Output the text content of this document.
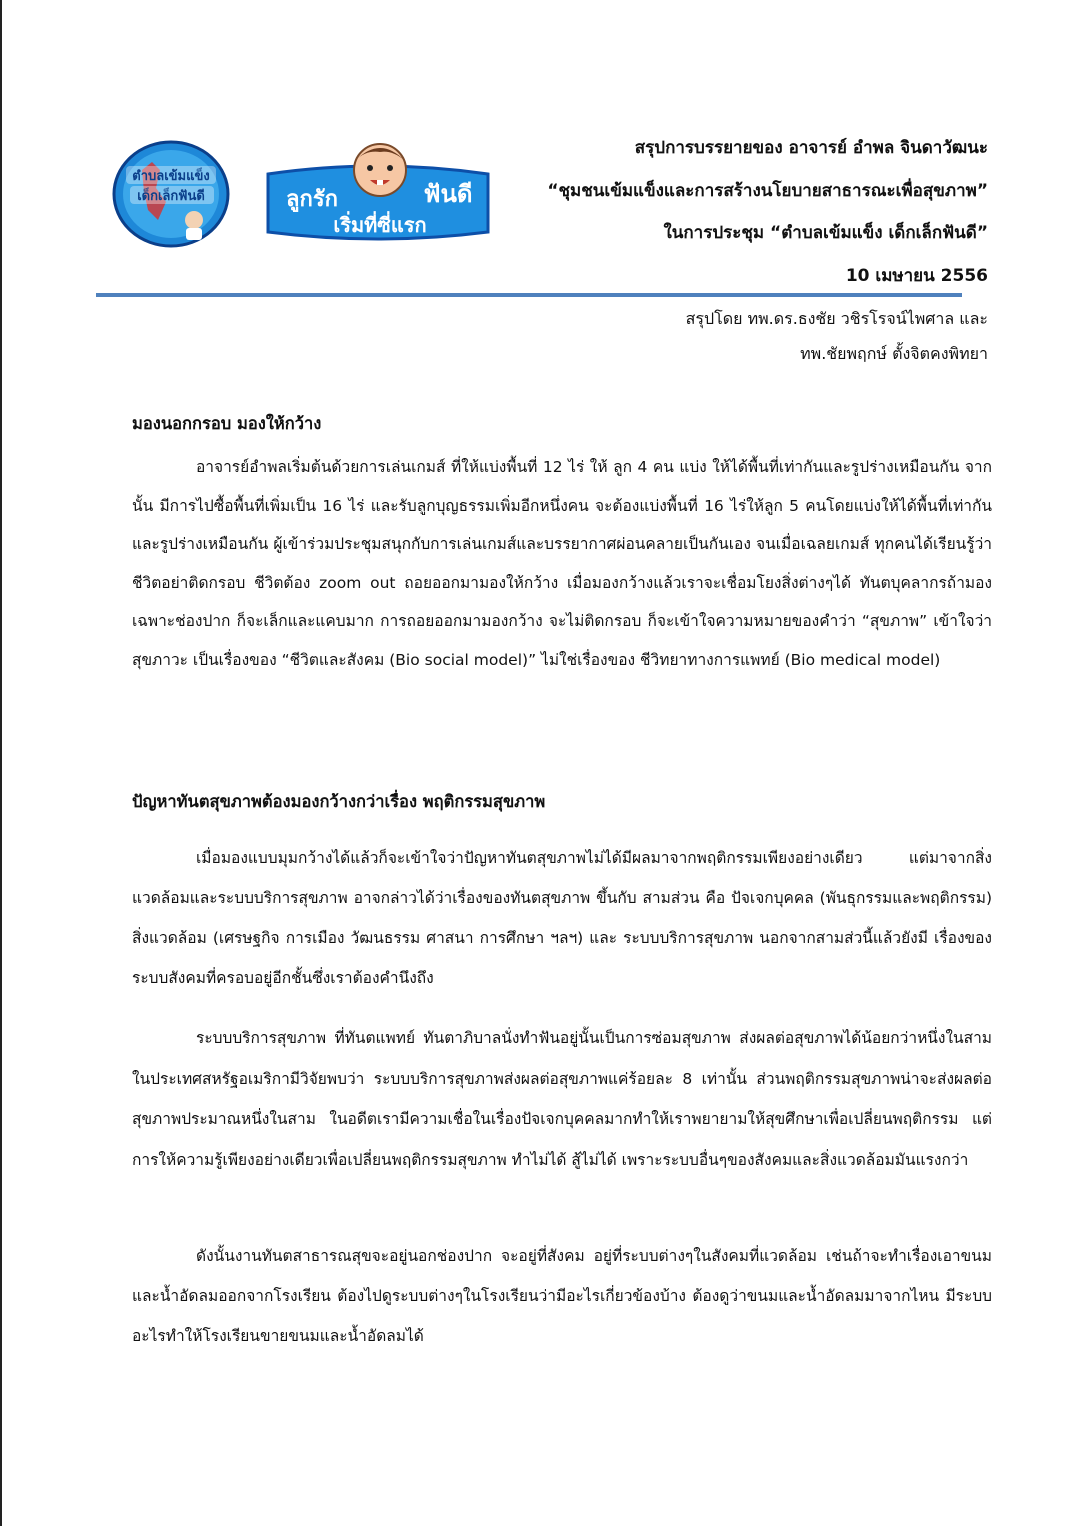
ตำบลเข้มแข็ง
เด็กเล็กฟันดี	ลูกรัก	ฟันดี
เริ่มที่ซี่แรก
สรุปการบรรยายของ อาจารย์ อำพล จินดาวัฒนะ
“ชุมชนเข้มแข็งและการสร้างนโยบายสาธารณะเพื่อสุขภาพ”
ในการประชุม “ตำบลเข้มแข็ง เด็กเล็กฟันดี”
10 เมษายน 2556
สรุปโดย ทพ.ดร.ธงชัย วชิรโรจน์ไพศาล และ
ทพ.ชัยพฤกษ์ ตั้งจิตคงพิทยา
มองนอกกรอบ มองให้กว้าง
อาจารย์อำพลเริ่มต้นด้วยการเล่นเกมส์ ที่ให้แบ่งพื้นที่ 12 ไร่ ให้ ลูก 4 คน แบ่ง ให้ได้พื้นที่เท่ากันและรูปร่างเหมือนกัน จากนั้น มีการไปซื้อพื้นที่เพิ่มเป็น 16 ไร่ และรับลูกบุญธรรมเพิ่มอีกหนึ่งคน จะต้องแบ่งพื้นที่ 16 ไร่ให้ลูก 5 คนโดยแบ่งให้ได้พื้นที่เท่ากันและรูปร่างเหมือนกัน ผู้เข้าร่วมประชุมสนุกกับการเล่นเกมส์และบรรยากาศผ่อนคลายเป็นกันเอง จนเมื่อเฉลยเกมส์ ทุกคนได้เรียนรู้ว่า ชีวิตอย่าติดกรอบ ชีวิตต้อง zoom out ถอยออกมามองให้กว้าง เมื่อมองกว้างแล้วเราจะเชื่อมโยงสิ่งต่างๆได้ ทันตบุคลากรถ้ามองเฉพาะช่องปาก ก็จะเล็กและแคบมาก การถอยออกมามองกว้าง จะไม่ติดกรอบ ก็จะเข้าใจความหมายของคำว่า “สุขภาพ” เข้าใจว่า สุขภาวะ เป็นเรื่องของ “ชีวิตและสังคม (Bio social model)” ไม่ใช่เรื่องของ ชีวิทยาทางการแพทย์ (Bio medical model)
ปัญหาทันตสุขภาพต้องมองกว้างกว่าเรื่อง พฤติกรรมสุขภาพ
เมื่อมองแบบมุมกว้างได้แล้วก็จะเข้าใจว่าปัญหาทันตสุขภาพไม่ได้มีผลมาจากพฤติกรรมเพียงอย่างเดียว แต่มาจากสิ่งแวดล้อมและระบบบริการสุขภาพ อาจกล่าวได้ว่าเรื่องของทันตสุขภาพ ขึ้นกับ สามส่วน คือ ปัจเจกบุคคล (พันธุกรรมและพฤติกรรม) สิ่งแวดล้อม (เศรษฐกิจ การเมือง วัฒนธรรม ศาสนา การศึกษา ฯลฯ) และ ระบบบริการสุขภาพ นอกจากสามส่วนี้แล้วยังมี เรื่องของระบบสังคมที่ครอบอยู่อีกชั้นซึ่งเราต้องคำนึงถึง
ระบบบริการสุขภาพ ที่ทันตแพทย์ ทันตาภิบาลนั่งทำฟันอยู่นั้นเป็นการซ่อมสุขภาพ ส่งผลต่อสุขภาพได้น้อยกว่าหนึ่งในสาม ในประเทศสหรัฐอเมริกามีวิจัยพบว่า ระบบบริการสุขภาพส่งผลต่อสุขภาพแค่ร้อยละ 8 เท่านั้น ส่วนพฤติกรรมสุขภาพน่าจะส่งผลต่อสุขภาพประมาณหนึ่งในสาม ในอดีตเรามีความเชื่อในเรื่องปัจเจกบุคคลมากทำให้เราพยายามให้สุขศึกษาเพื่อเปลี่ยนพฤติกรรม แต่การให้ความรู้เพียงอย่างเดียวเพื่อเปลี่ยนพฤติกรรมสุขภาพ ทำไม่ได้ สู้ไม่ได้ เพราะระบบอื่นๆของสังคมและสิ่งแวดล้อมมันแรงกว่า
ดังนั้นงานทันตสาธารณสุขจะอยู่นอกช่องปาก จะอยู่ที่สังคม อยู่ที่ระบบต่างๆในสังคมที่แวดล้อม เช่นถ้าจะทำเรื่องเอาขนมและน้ำอัดลมออกจากโรงเรียน ต้องไปดูระบบต่างๆในโรงเรียนว่ามีอะไรเกี่ยวข้องบ้าง ต้องดูว่าขนมและน้ำอัดลมมาจากไหน มีระบบอะไรทำให้โรงเรียนขายขนมและน้ำอัดลมได้
